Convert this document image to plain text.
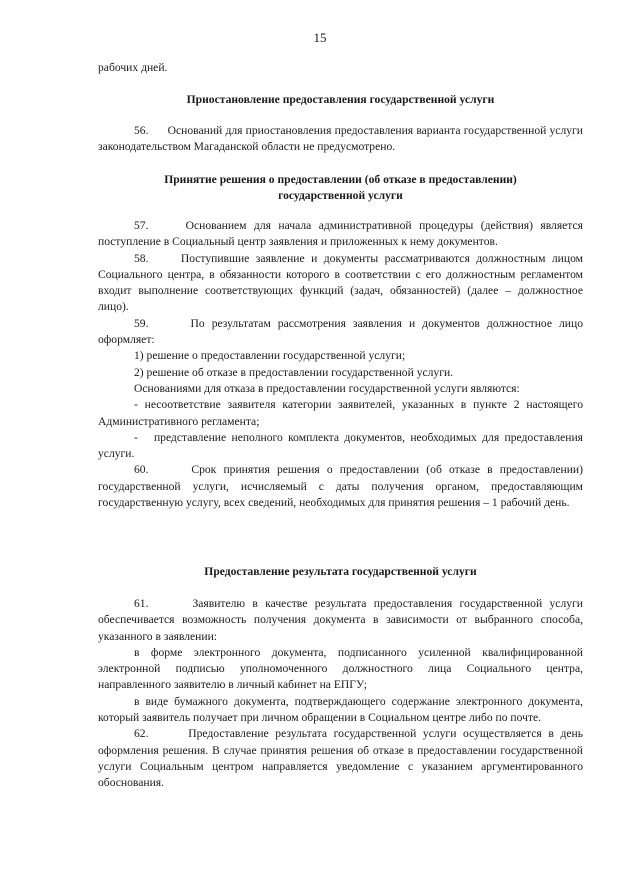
15

рабочих дней.

Приостановление предоставления государственной услуги

56.      Оснований для приостановления предоставления варианта государственной услуги законодательством Магаданской области не предусмотрено.

Принятие решения о предоставлении (об отказе в предоставлении)
государственной услуги

57.     Основанием для начала административной процедуры (действия) является поступление в Социальный центр заявления и приложенных к нему документов.

58.     Поступившие заявление и документы рассматриваются должностным лицом Социального центра, в обязанности которого в соответствии с его должностным регламентом входит выполнение соответствующих функций (задач, обязанностей) (далее – должностное лицо).

59.      По результатам рассмотрения заявления и документов должностное лицо оформляет:

1) решение о предоставлении государственной услуги;

2) решение об отказе в предоставлении государственной услуги.

Основаниями для отказа в предоставлении государственной услуги являются:

- несоответствие заявителя категории заявителей, указанных в пункте 2 настоящего Административного регламента;

-   представление неполного комплекта документов, необходимых для предоставления услуги.

60.      Срок принятия решения о предоставлении (об отказе в предоставлении) государственной услуги, исчисляемый с даты получения органом, предоставляющим государственную услугу, всех сведений, необходимых для принятия решения – 1 рабочий день.

Предоставление результата государственной услуги

61.      Заявителю в качестве результата предоставления государственной услуги обеспечивается возможность получения документа в зависимости от выбранного способа, указанного в заявлении:

в форме электронного документа, подписанного усиленной квалифицированной электронной подписью уполномоченного должностного лица Социального центра, направленного заявителю в личный кабинет на ЕПГУ;

в виде бумажного документа, подтверждающего содержание электронного документа, который заявитель получает при личном обращении в Социальном центре либо по почте.

62.      Предоставление результата государственной услуги осуществляется в день оформления решения. В случае принятия решения об отказе в предоставлении государственной услуги Социальным центром направляется уведомление с указанием аргументированного обоснования.
